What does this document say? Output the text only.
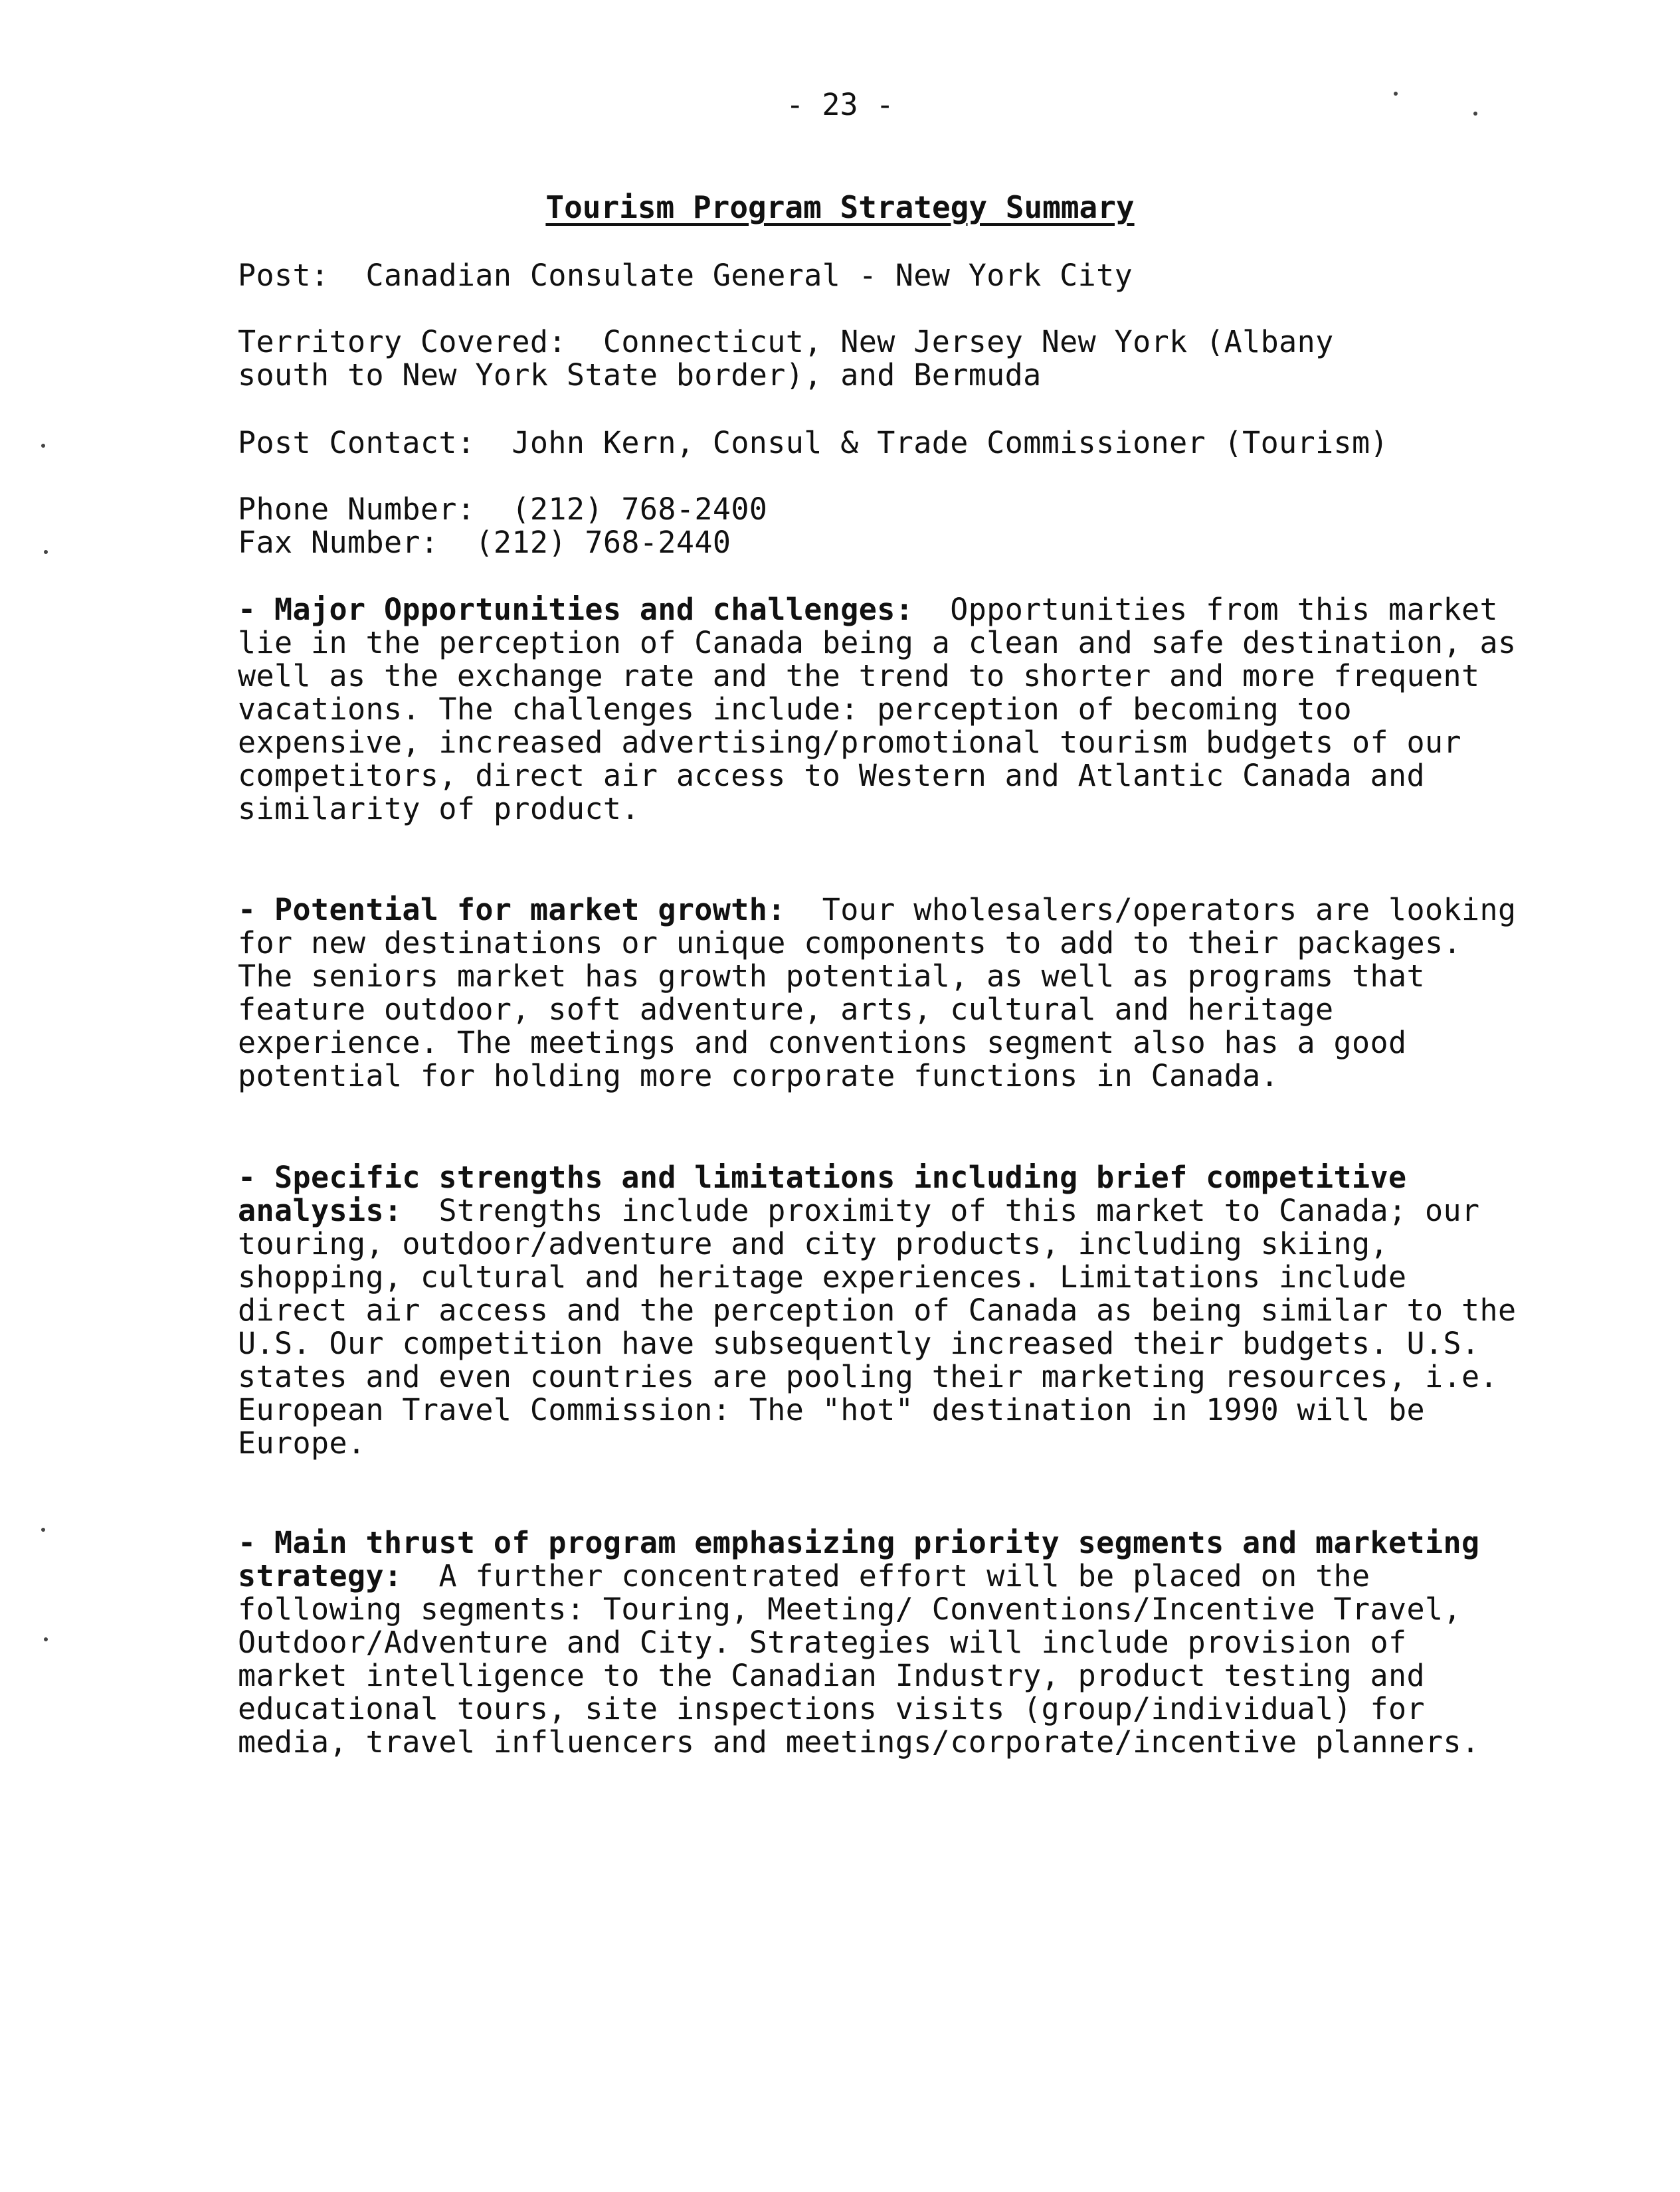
- 23 -
Tourism Program Strategy Summary
Post: Canadian Consulate General - New York City
Territory Covered: Connecticut, New Jersey New York (Albany
south to New York State border), and Bermuda
Post Contact: John Kern, Consul & Trade Commissioner (Tourism)
Phone Number: (212) 768-2400
Fax Number: (212) 768-2440
- Major Opportunities and challenges: Opportunities from this market lie in the perception of Canada being a clean and safe destination, as well as the exchange rate and the trend to shorter and more frequent vacations. The challenges include: perception of becoming too expensive, increased advertising/promotional tourism budgets of our competitors, direct air access to Western and Atlantic Canada and similarity of product.
- Potential for market growth: Tour wholesalers/operators are looking for new destinations or unique components to add to their packages. The seniors market has growth potential, as well as programs that feature outdoor, soft adventure, arts, cultural and heritage experience. The meetings and conventions segment also has a good potential for holding more corporate functions in Canada.
- Specific strengths and limitations including brief competitive analysis: Strengths include proximity of this market to Canada; our touring, outdoor/adventure and city products, including skiing, shopping, cultural and heritage experiences. Limitations include direct air access and the perception of Canada as being similar to the U.S. Our competition have subsequently increased their budgets. U.S. states and even countries are pooling their marketing resources, i.e. European Travel Commission: The "hot" destination in 1990 will be Europe.
- Main thrust of program emphasizing priority segments and marketing strategy: A further concentrated effort will be placed on the following segments: Touring, Meeting/ Conventions/Incentive Travel, Outdoor/Adventure and City. Strategies will include provision of market intelligence to the Canadian Industry, product testing and educational tours, site inspections visits (group/individual) for media, travel influencers and meetings/corporate/incentive planners.
